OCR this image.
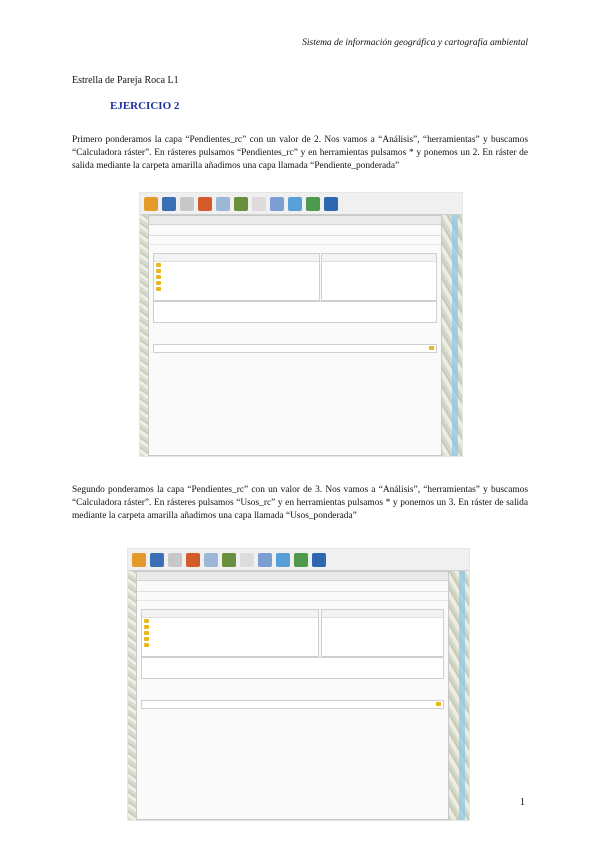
Sistema de información geográfica y cartografía ambiental
Estrella de Pareja Roca L1
EJERCICIO 2
Primero ponderamos la capa “Pendientes_rc” con un valor de 2. Nos vamos a “Análisis”, “herramientas” y buscamos “Calculadora ráster”. En rásteres pulsamos “Pendientes_rc” y en herramientas pulsamos * y ponemos un 2. En ráster de salida mediante la carpeta amarilla añadimos una capa llamada “Pendiente_ponderada”

Segundo ponderamos la capa “Pendientes_rc” con un valor de 3. Nos vamos a “Análisis”, “herramientas” y buscamos “Calculadora ráster”. En rásteres pulsamos “Usos_rc” y en herramientas pulsamos * y ponemos un 3. En ráster de salida mediante la carpeta amarilla añadimos una capa llamada “Usos_ponderada”

1
